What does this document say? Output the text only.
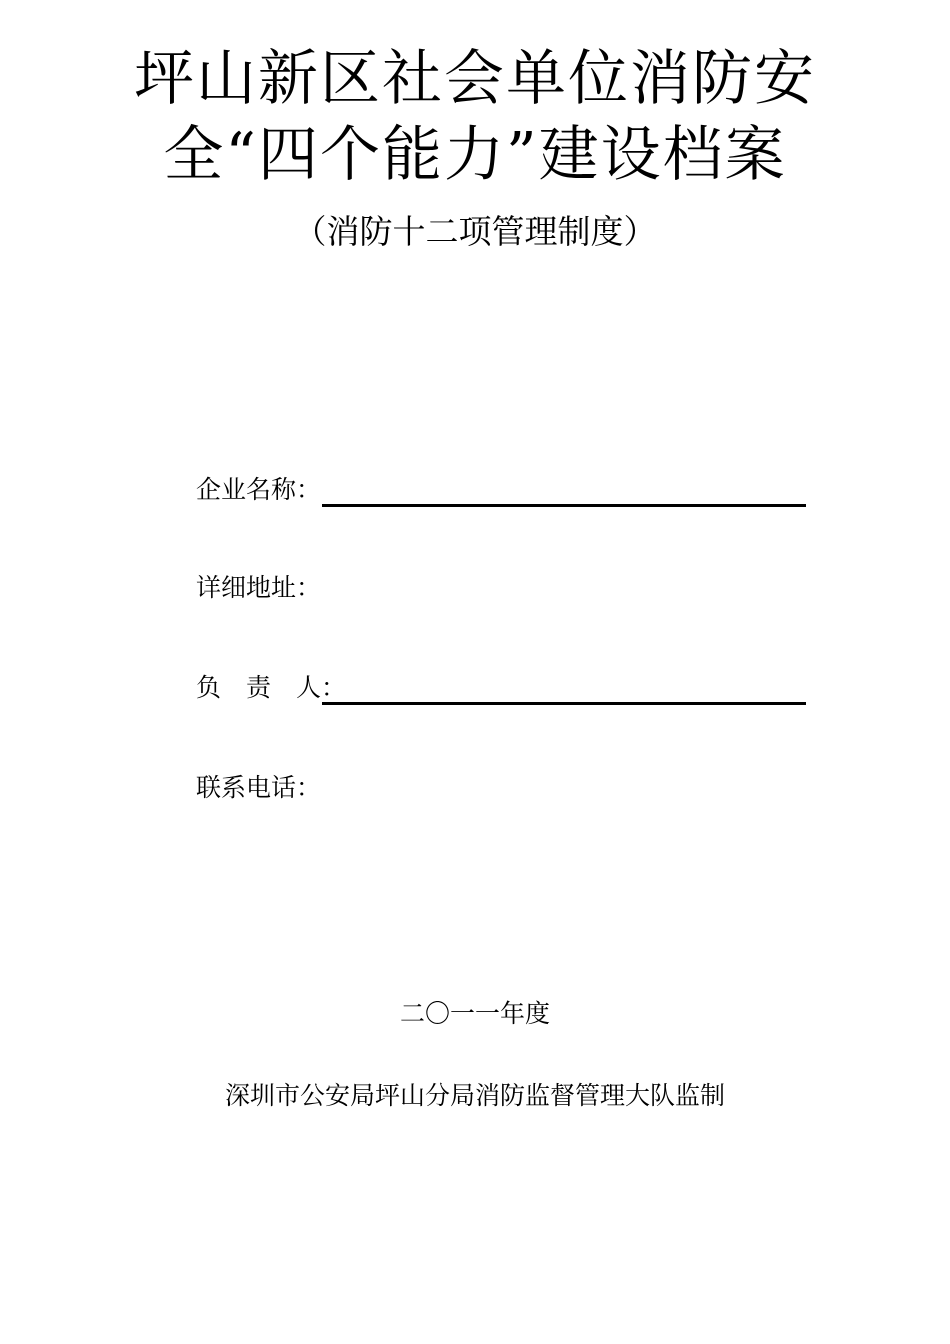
坪山新区社会单位消防安
全“四个能力”建设档案
（消防十二项管理制度）
企业名称：
详细地址：
负　责　人：
联系电话：
二〇一一年度
深圳市公安局坪山分局消防监督管理大队监制
